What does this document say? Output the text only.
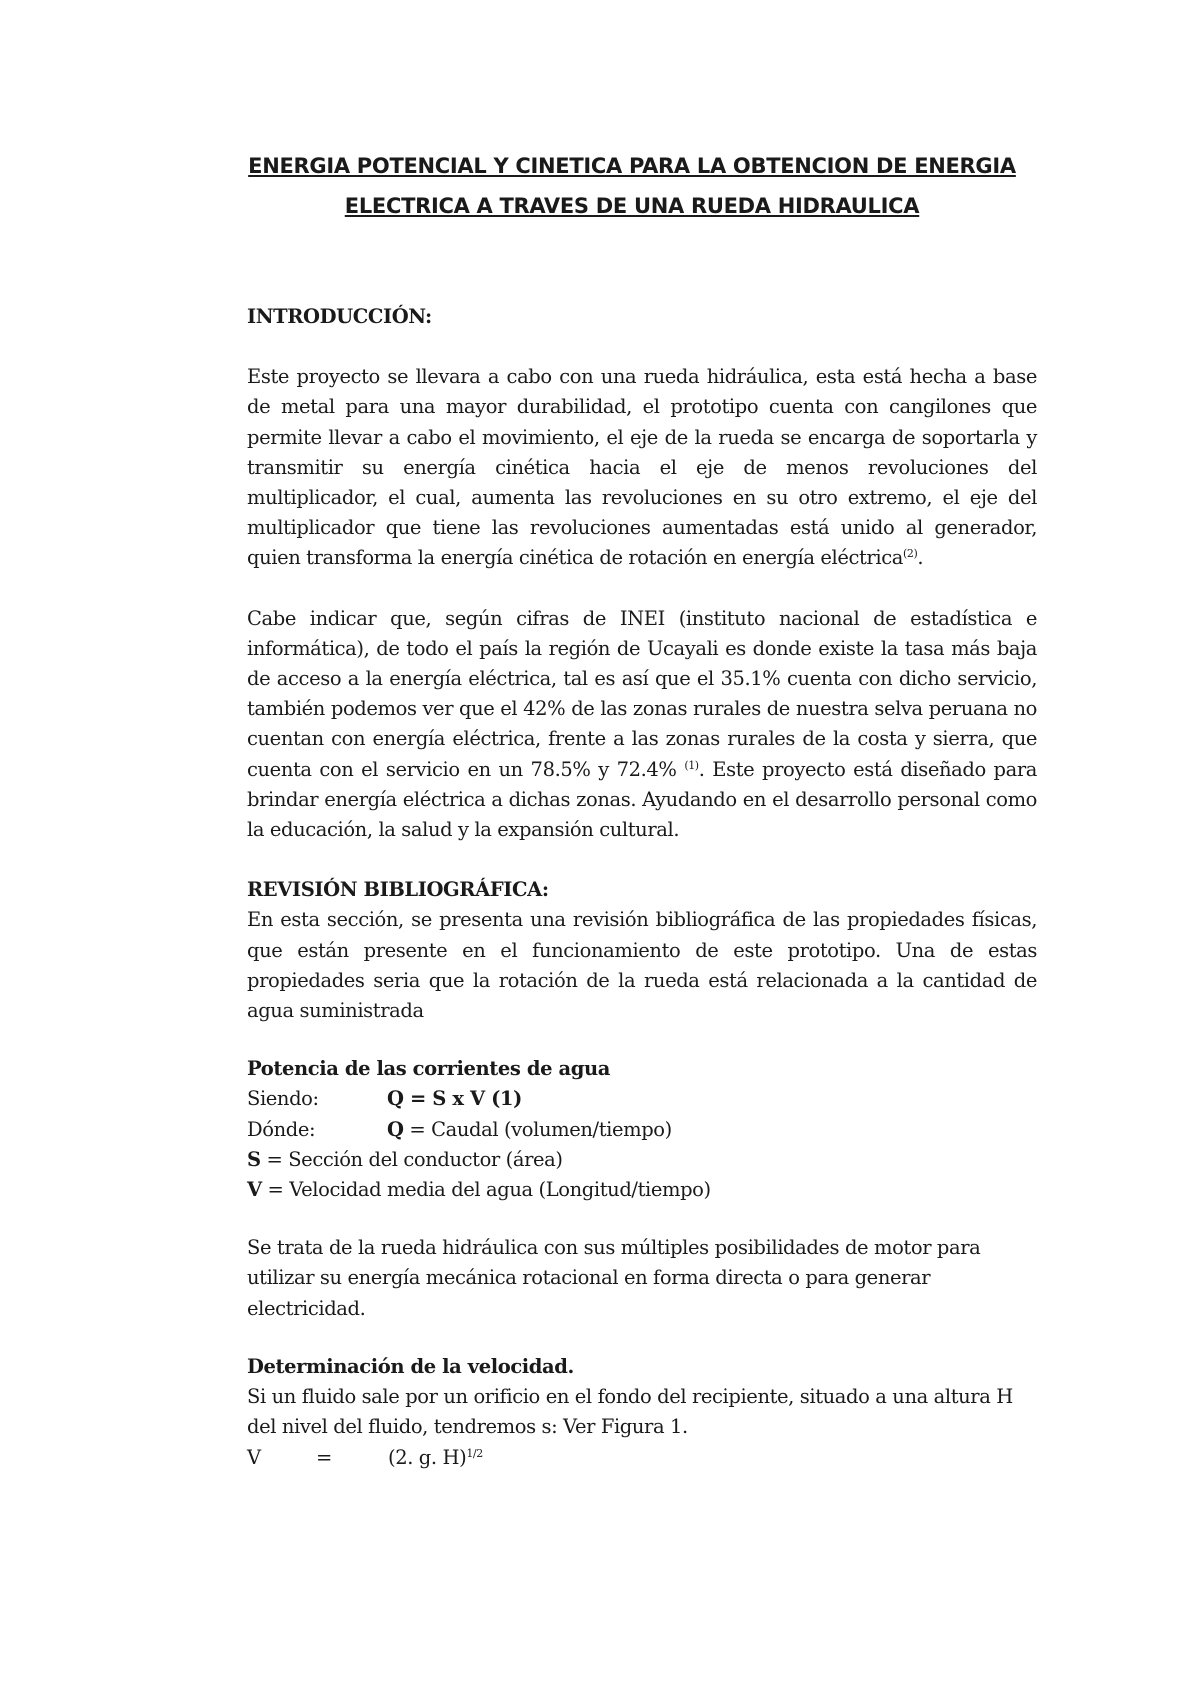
ENERGIA POTENCIAL Y CINETICA PARA LA OBTENCION DE ENERGIA
ELECTRICA A TRAVES DE UNA RUEDA HIDRAULICA

INTRODUCCIÓN:

Este proyecto se llevara a cabo con una rueda hidráulica, esta está hecha a base de metal para una mayor durabilidad, el prototipo cuenta con cangilones que permite llevar a cabo el movimiento, el eje de la rueda se encarga de soportarla y transmitir su energía cinética hacia el eje de menos revoluciones del multiplicador, el cual, aumenta las revoluciones en su otro extremo, el eje del multiplicador que tiene las revoluciones aumentadas está unido al generador, quien transforma la energía cinética de rotación en energía eléctrica$^{(2)}$.

Cabe indicar que, según cifras de INEI (instituto nacional de estadística e informática), de todo el país la región de Ucayali es donde existe la tasa más baja de acceso a la energía eléctrica, tal es así que el 35.1% cuenta con dicho servicio, también podemos ver que el 42% de las zonas rurales de nuestra selva peruana no cuentan con energía eléctrica, frente a las zonas rurales de la costa y sierra, que cuenta con el servicio en un 78.5% y 72.4% $^{(1)}$. Este proyecto está diseñado para brindar energía eléctrica a dichas zonas. Ayudando en el desarrollo personal como la educación, la salud y la expansión cultural.

REVISIÓN BIBLIOGRÁFICA:

En esta sección, se presenta una revisión bibliográfica de las propiedades físicas, que están presente en el funcionamiento de este prototipo. Una de estas propiedades seria que la rotación de la rueda está relacionada a la cantidad de agua suministrada

Potencia de las corrientes de agua

Siendo:	Q = S x V (1)
Dónde:	Q = Caudal (volumen/tiempo)

S = Sección del conductor (área)

V = Velocidad media del agua (Longitud/tiempo)

Se trata de la rueda hidráulica con sus múltiples posibilidades de motor para utilizar su energía mecánica rotacional en forma directa o para generar electricidad.

Determinación de la velocidad.

Si un fluido sale por un orificio en el fondo del recipiente, situado a una altura H del nivel del fluido, tendremos s: Ver Figura 1.

V	=	(2. g. H)$^{1/2}$
